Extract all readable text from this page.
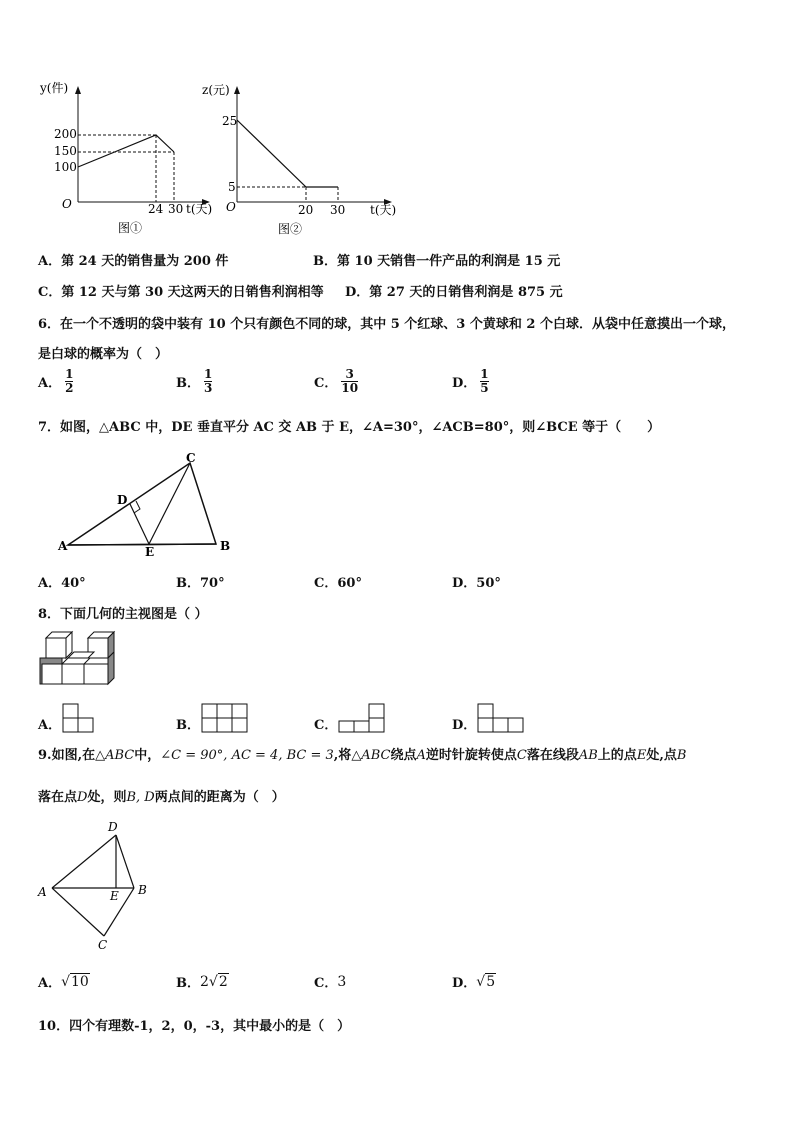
y(件)
200
150
100
O	24 30 t(天)
图①
z(元)
25
5
O	20 30 t(天)
图②
A．第 24 天的销售量为 200 件	B．第 10 天销售一件产品的利润是 15 元
C．第 12 天与第 30 天这两天的日销售利润相等 D．第 27 天的日销售利润是 875 元
6．在一个不透明的袋中装有 10 个只有颜色不同的球，其中 5 个红球、3 个黄球和 2 个白球．从袋中任意摸出一个球，
是白球的概率为（　）
A． $\frac{1}{2}$	B． $\frac{1}{3}$	C． $\frac{3}{10}$	D． $\frac{1}{5}$
7．如图，△ABC 中，DE 垂直平分 AC 交 AB 于 E，∠A=30°，∠ACB=80°，则∠BCE 等于（　　）
C
D
A	E	B
A．40°	B．70°	C．60°	D．50°
8．下面几何的主视图是（ ）
A．	B．	C．	D．
9.如图,在△ABC中，∠C = 90°, AC = 4, BC = 3,将△ABC绕点A逆时针旋转使点C落在线段AB上的点E处,点B
落在点D处，则B, D两点间的距离为（　）
D
A	E B
C
A． √10	B． 2√2	C． 3	D． √5
10．四个有理数-1，2，0，-3，其中最小的是（　）
